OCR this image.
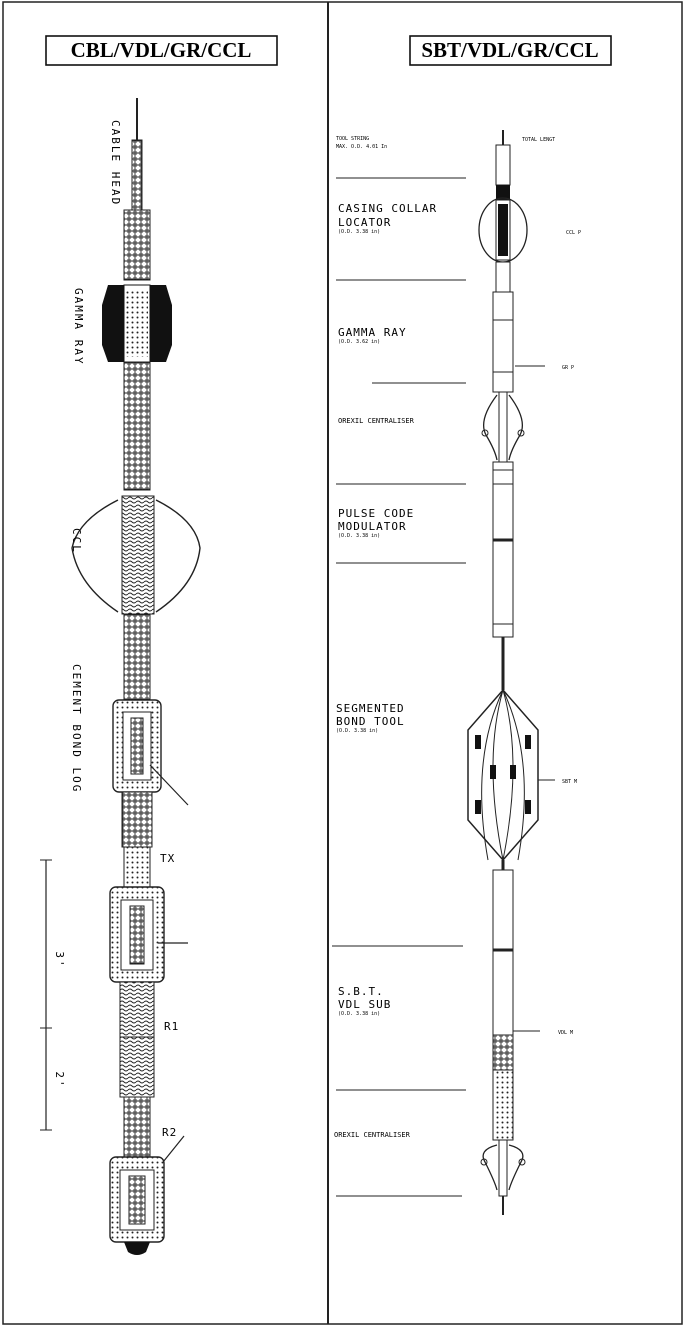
CBL/VDL/GR/CCL
3'
2'
CABLE HEAD
GAMMA RAY
CCL
CEMENT BOND LOG
TX
R1
R2
SBT/VDL/GR/CCL
TOOL STRING
MAX. O.D. 4.01 In
TOTAL LENGT
CASING COLLAR
LOCATOR
(O.D. 3.38 in)	CCL P
GAMMA RAY
(O.D. 3.62 in)
GR P
OREXIL CENTRALISER
PULSE CODE
MODULATOR
(O.D. 3.38 in)
SEGMENTED
BOND TOOL
(O.D. 3.38 in)
SBT M
S.B.T.
VDL SUB
(O.D. 3.38 in)
VDL M
OREXIL CENTRALISER
